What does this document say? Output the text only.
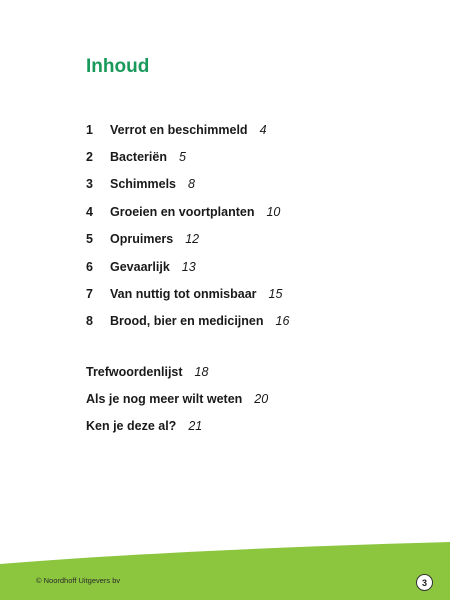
Inhoud
1	Verrot en beschimmeld 4
2	Bacteriën 5
3	Schimmels 8
4	Groeien en voortplanten 10
5	Opruimers 12
6	Gevaarlijk 13
7	Van nuttig tot onmisbaar 15
8	Brood, bier en medicijnen 16
Trefwoordenlijst 18
Als je nog meer wilt weten 20
Ken je deze al? 21
© Noordhoff Uitgevers bv	3
